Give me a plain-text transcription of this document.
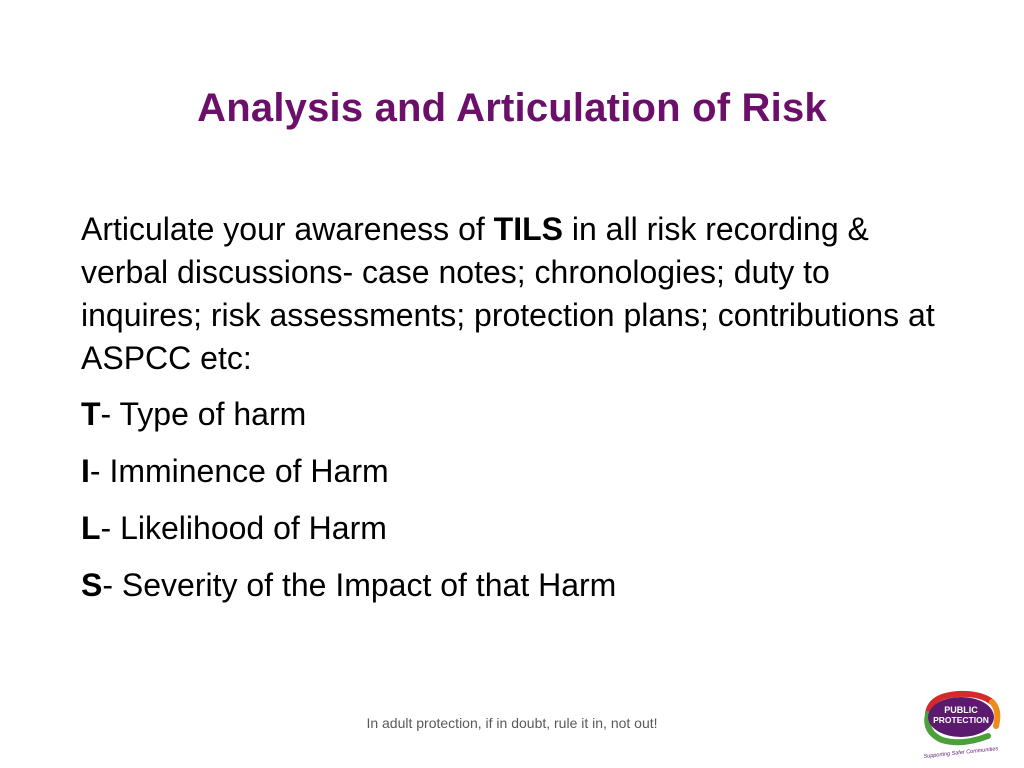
Analysis and Articulation of Risk

Articulate your awareness of TILS in all risk recording & verbal discussions- case notes; chronologies; duty to inquires; risk assessments; protection plans; contributions at ASPCC etc:

T- Type of harm

I- Imminence of Harm

L- Likelihood of Harm

S- Severity of the Impact of that Harm

In adult protection, if in doubt, rule it in, not out!
PUBLIC
PROTECTION
Supporting Safer Communities
